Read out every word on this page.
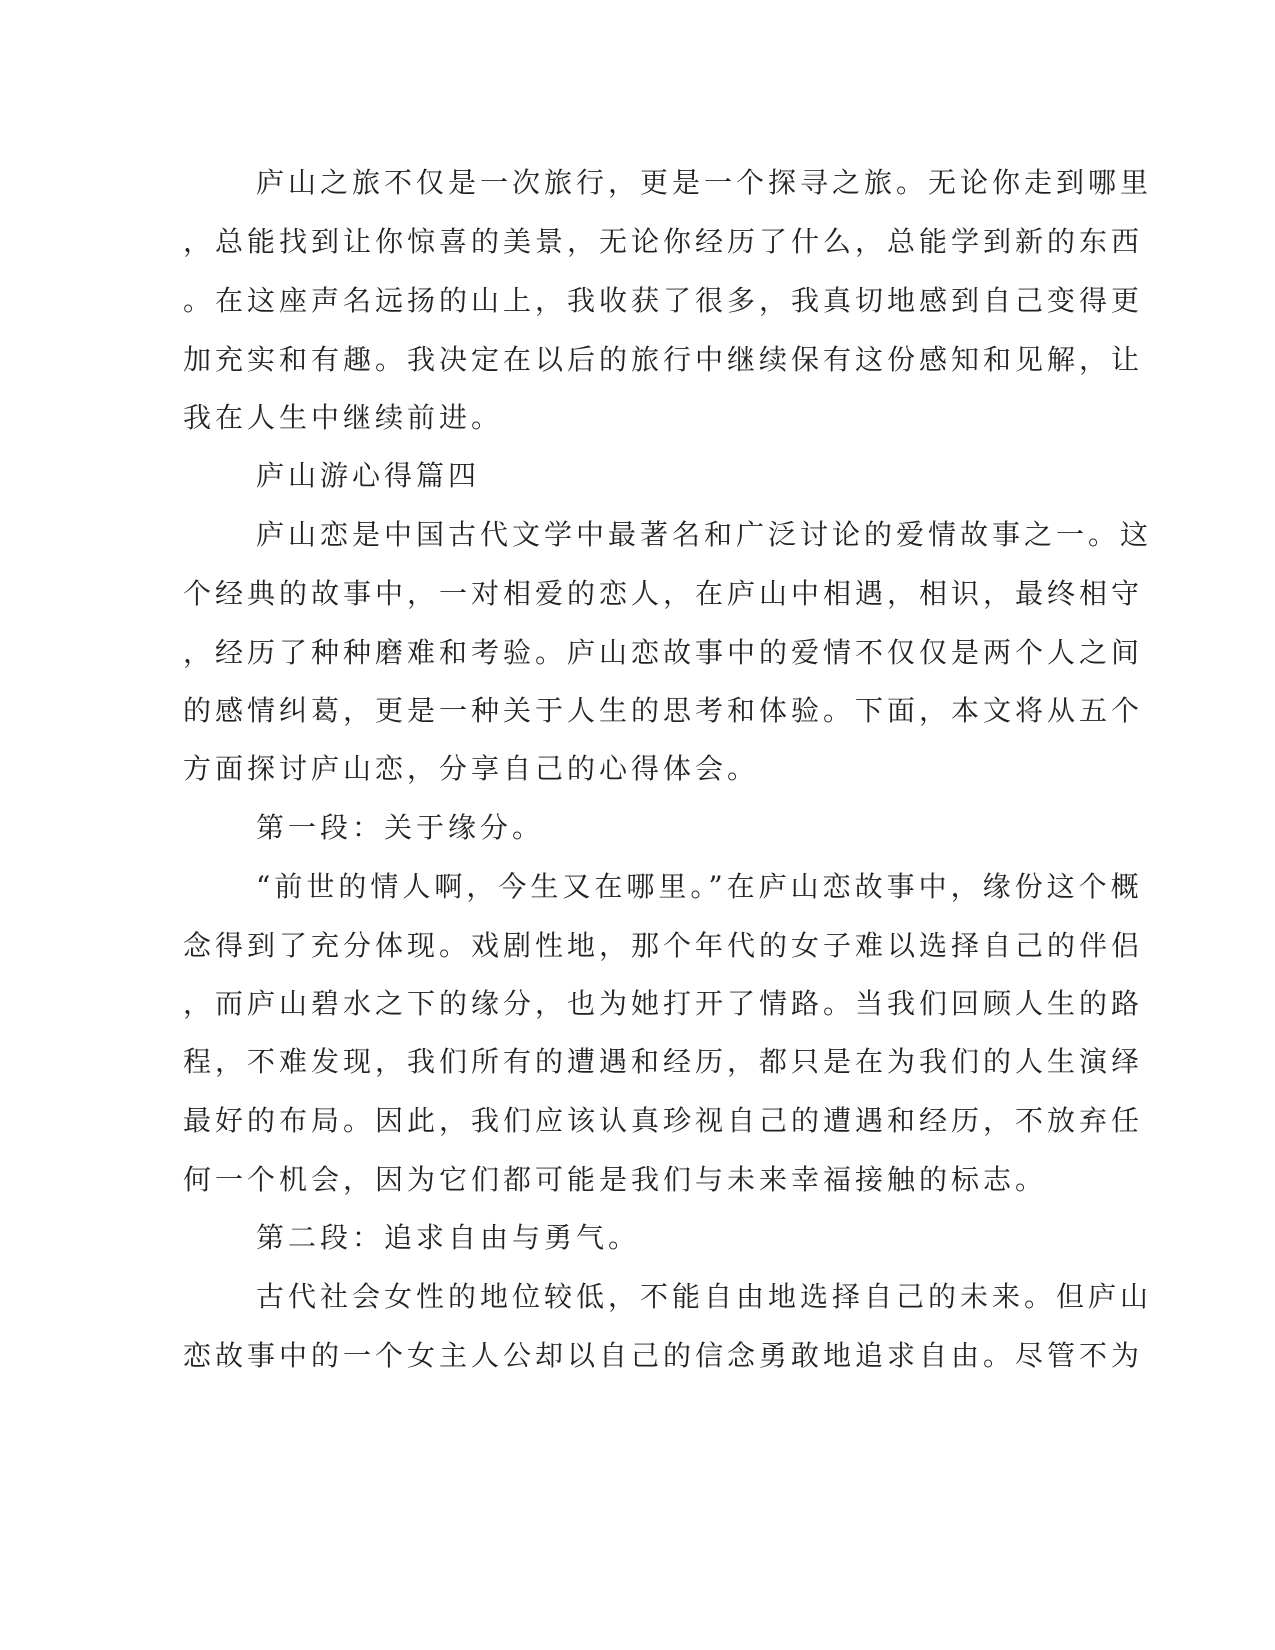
庐山之旅不仅是一次旅行，更是一个探寻之旅。无论你走到哪里
，总能找到让你惊喜的美景，无论你经历了什么，总能学到新的东西
。在这座声名远扬的山上，我收获了很多，我真切地感到自己变得更
加充实和有趣。我决定在以后的旅行中继续保有这份感知和见解，让
我在人生中继续前进。
庐山游心得篇四
庐山恋是中国古代文学中最著名和广泛讨论的爱情故事之一。这
个经典的故事中，一对相爱的恋人，在庐山中相遇，相识，最终相守
，经历了种种磨难和考验。庐山恋故事中的爱情不仅仅是两个人之间
的感情纠葛，更是一种关于人生的思考和体验。下面，本文将从五个
方面探讨庐山恋，分享自己的心得体会。
第一段：关于缘分。
“前世的情人啊，今生又在哪里。”在庐山恋故事中，缘份这个概
念得到了充分体现。戏剧性地，那个年代的女子难以选择自己的伴侣
，而庐山碧水之下的缘分，也为她打开了情路。当我们回顾人生的路
程，不难发现，我们所有的遭遇和经历，都只是在为我们的人生演绎
最好的布局。因此，我们应该认真珍视自己的遭遇和经历，不放弃任
何一个机会，因为它们都可能是我们与未来幸福接触的标志。
第二段：追求自由与勇气。
古代社会女性的地位较低，不能自由地选择自己的未来。但庐山
恋故事中的一个女主人公却以自己的信念勇敢地追求自由。尽管不为
